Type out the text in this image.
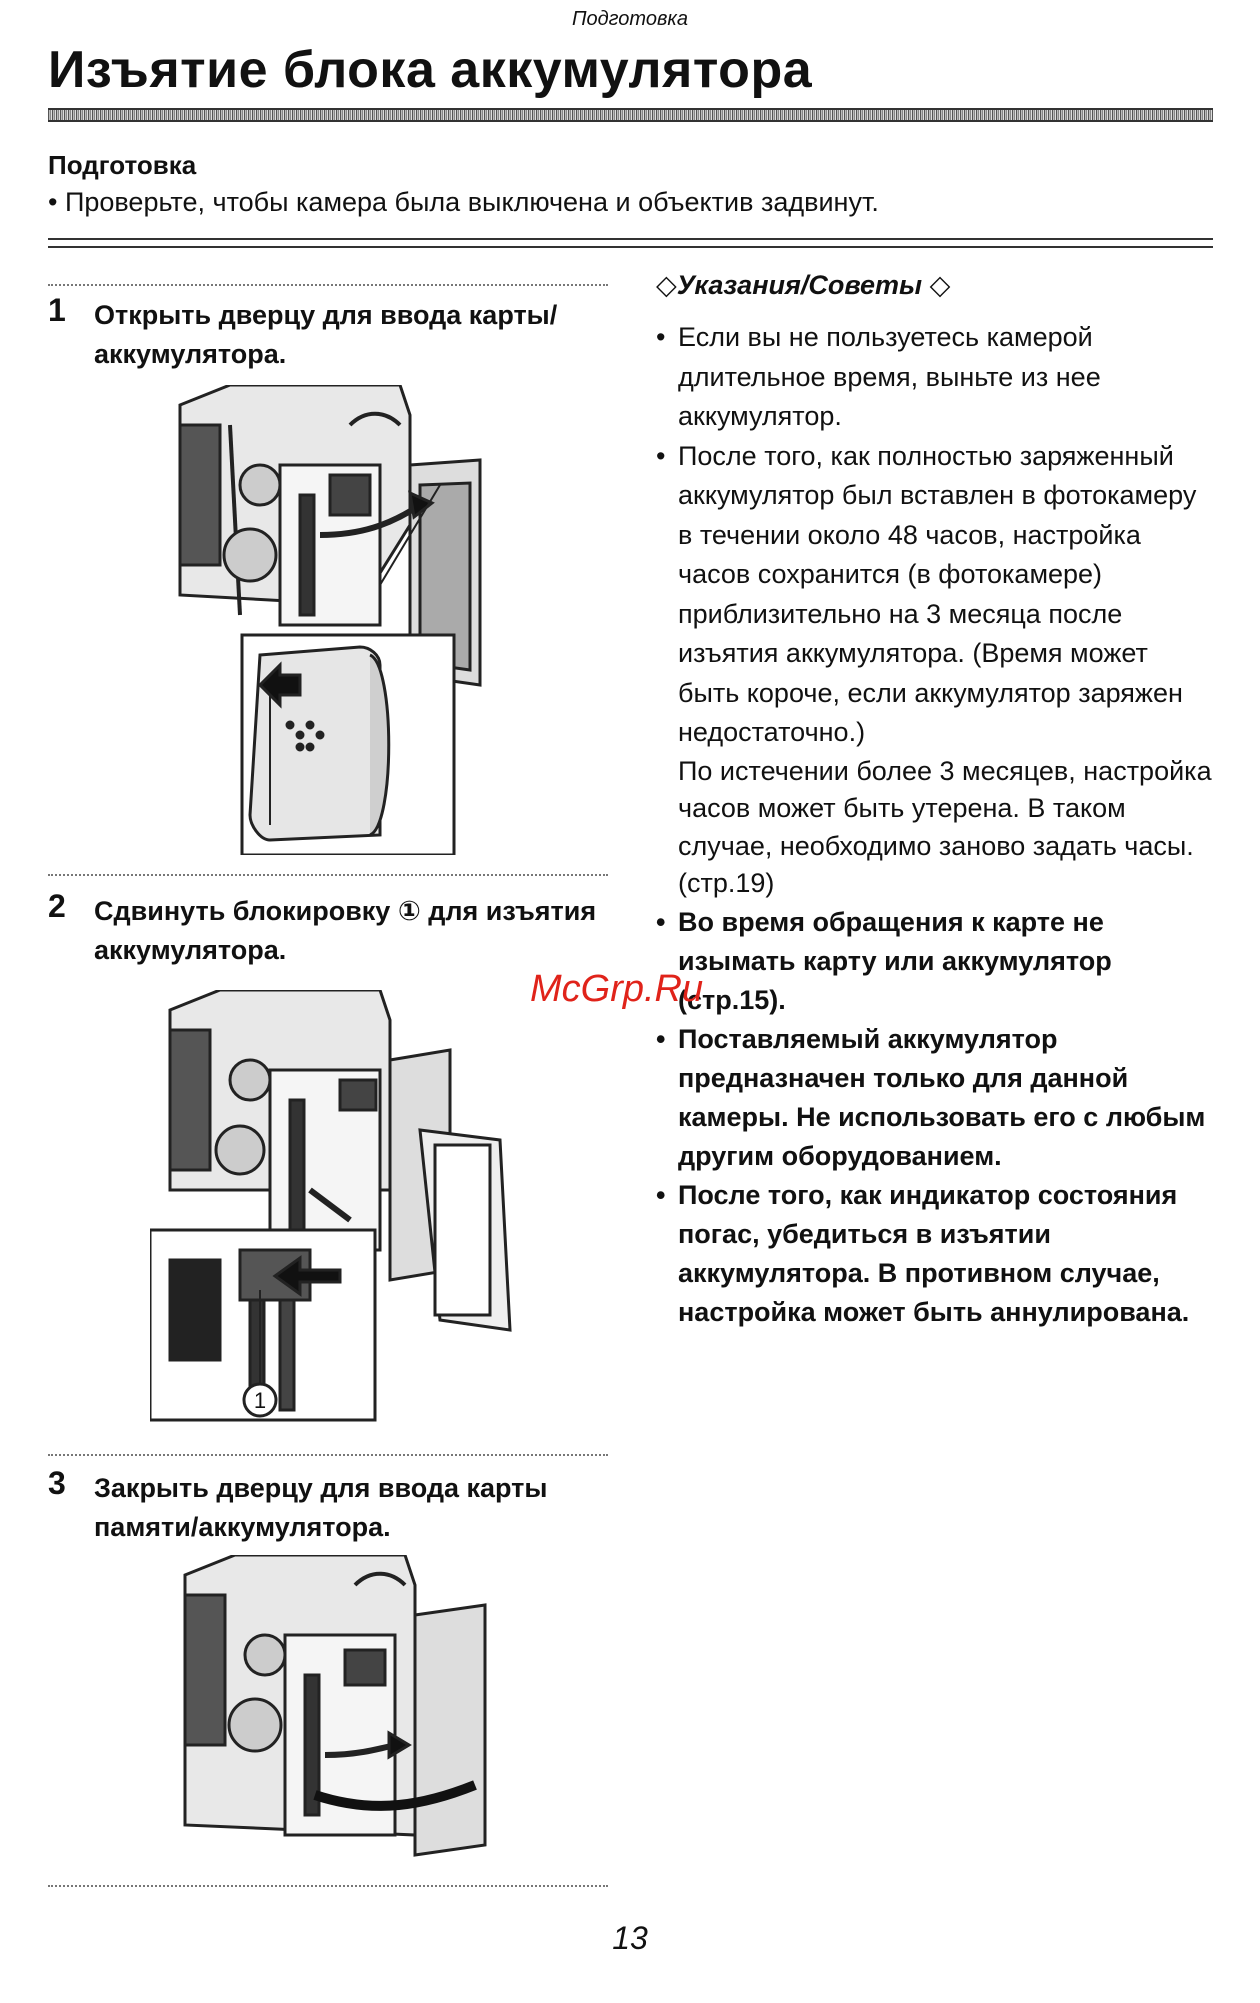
Подготовка
Изъятие блока аккумулятора
Подготовка
• Проверьте, чтобы камера была выключена и объектив задвинут.
1 Открыть дверцу для ввода карты/аккумулятора.
2 Сдвинуть блокировку ① для изъятия аккумулятора.
1
3 Закрыть дверцу для ввода карты памяти/аккумулятора.
◇Указания/Советы ◇
• Если вы не пользуетесь камерой длительное время, выньте из нее аккумулятор.
• После того, как полностью заряженный аккумулятор был вставлен в фотокамеру в течении около 48 часов, настройка часов сохранится (в фотокамере) приблизительно на 3 месяца после изъятия аккумулятора. (Время может быть короче, если аккумулятор заряжен недостаточно.)
По истечении более 3 месяцев, настройка часов может быть утерена. В таком случае, необходимо заново задать часы. (стр.19)
• Во время обращения к карте не изымать карту или аккумулятор (стр.15).
• Поставляемый аккумулятор предназначен только для данной камеры. Не использовать его с любым другим оборудованием.
• После того, как индикатор состояния погас, убедиться в изъятии аккумулятора. В противном случае, настройка может быть аннулирована.
McGrp.Ru
13
